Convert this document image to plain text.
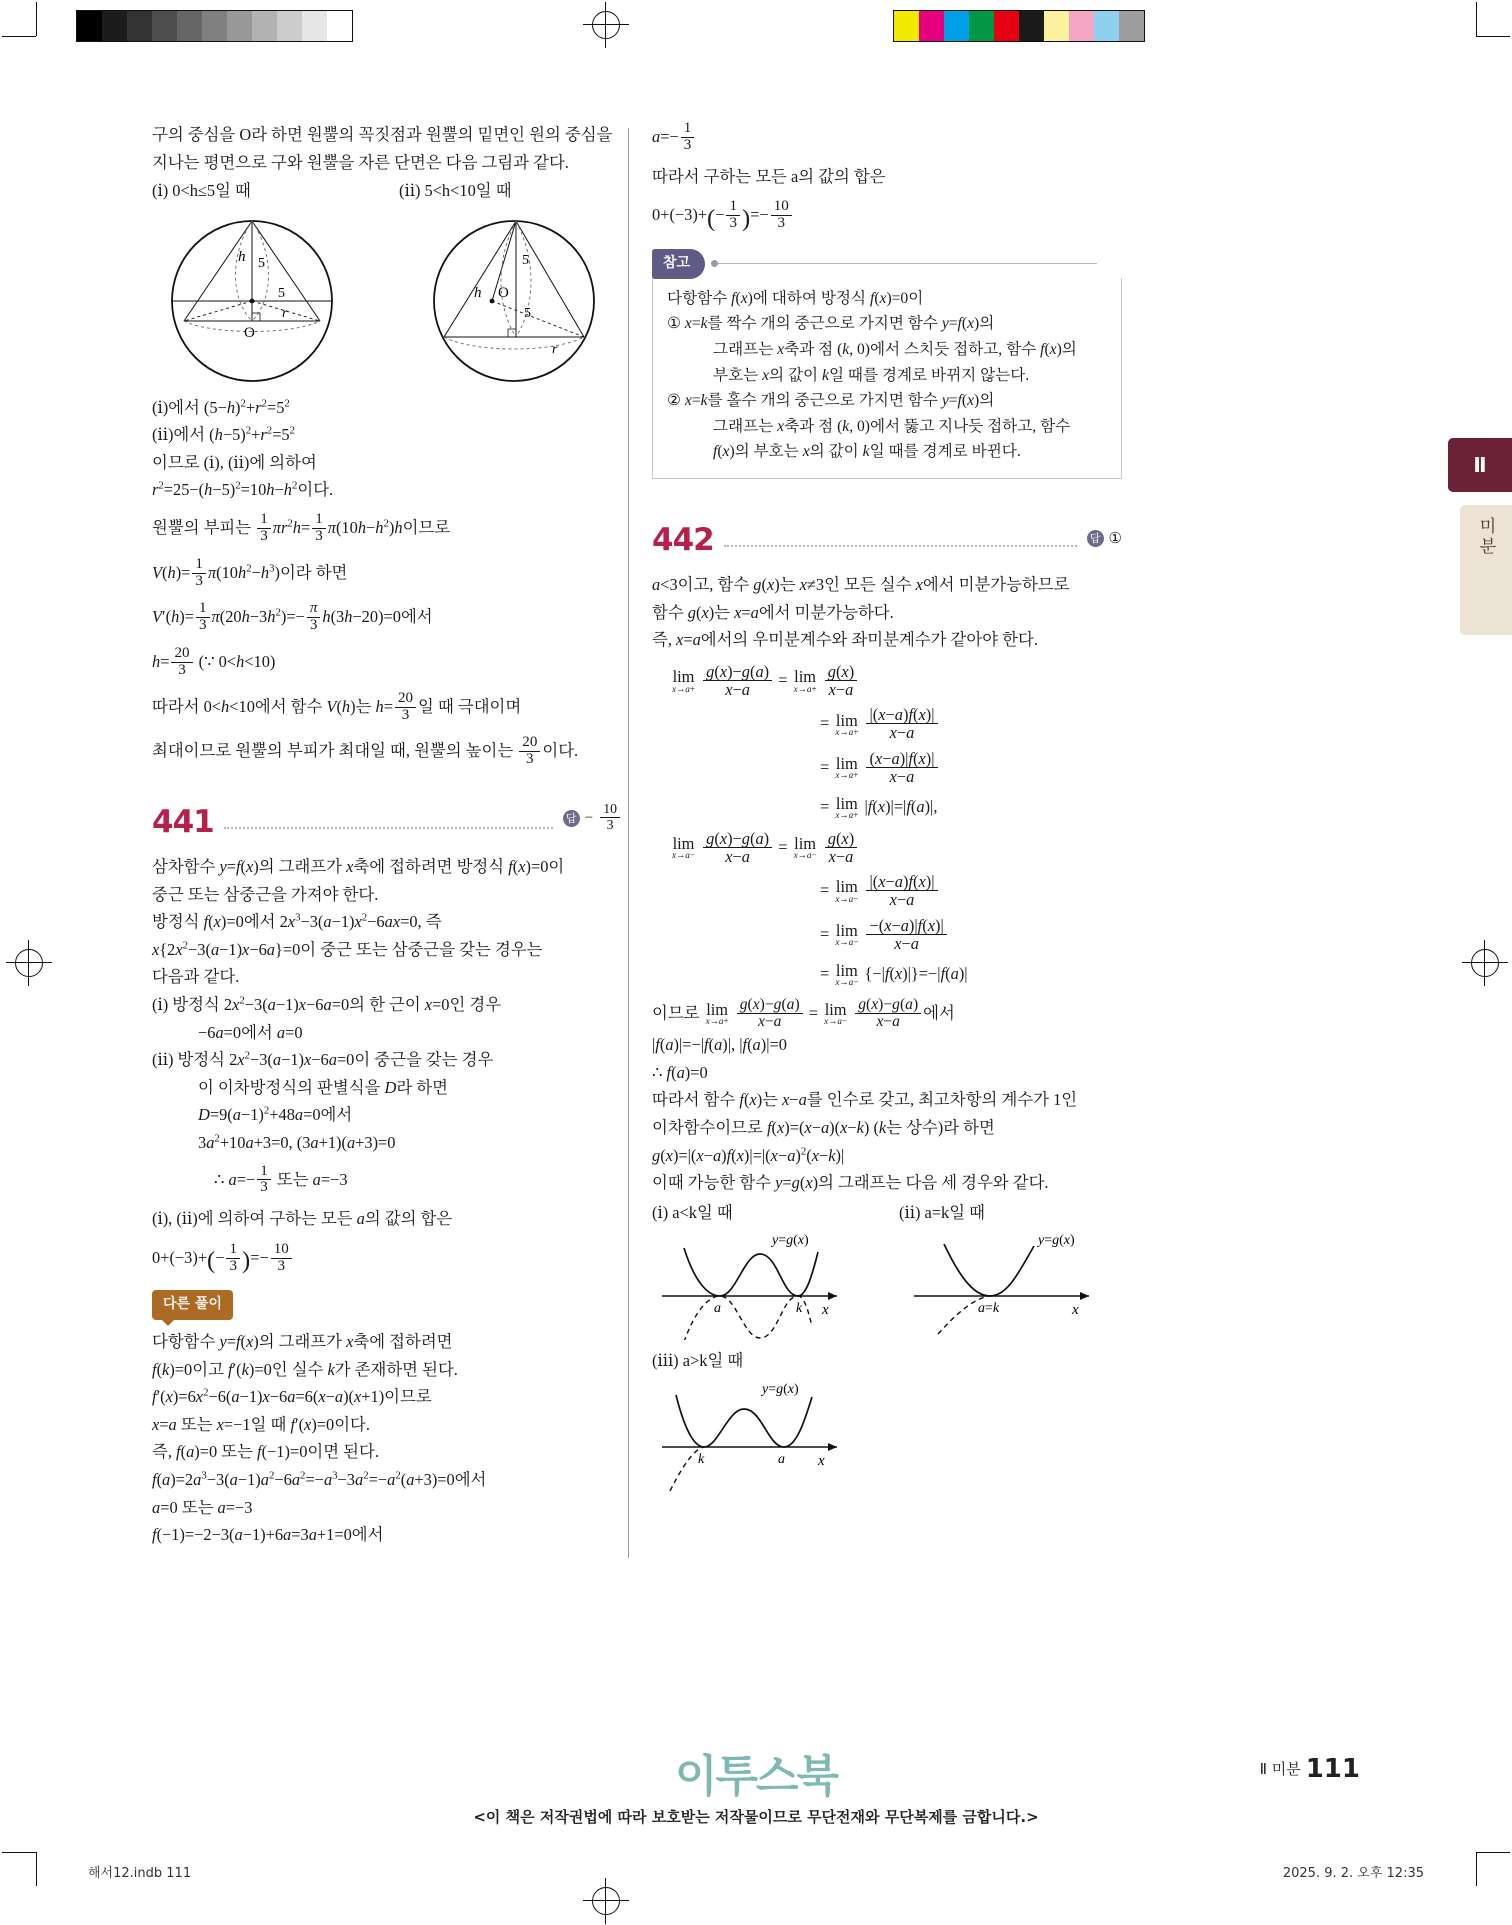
구의 중심을 O라 하면 원뿔의 꼭짓점과 원뿔의 밑면인 원의 중심을

지나는 평면으로 구와 원뿔을 자른 단면은 다음 그림과 같다.

(ⅰ) 0<h≤5일 때	(ⅱ) 5<h<10일 때
h 5
r
5
O
5
h O
5
r

(ⅰ)에서 $(5-h)^2+r^2=5^2$

(ⅱ)에서 $(h-5)^2+r^2=5^2$

이므로 (ⅰ), (ⅱ)에 의하여

$r^2=25-(h-5)^2=10h-h^2$이다.

원뿔의 부피는 $\frac{1}{3} \pi r^2h= \frac{1}{3} \pi(10h-h^2)h$이므로

$V(h)= \frac{1}{3} \pi(10h^2-h^3)$이라 하면

$V'(h)= \frac{1}{3} \pi(20h-3h^2)=- \frac{\pi}{3} h(3h-20)=0$에서

$h= \frac{20}{3}$ (∵ 0<h<10)

따라서 0<h<10에서 함수 V(h)는 $h= \frac{20}{3}$ 일 때 극대이며

최대이므로 원뿔의 부피가 최대일 때, 원뿔의 높이는 $\frac{20}{3}$ 이다.

441	답 − $\frac{10}{3}$

삼차함수 y=f(x)의 그래프가 x축에 접하려면 방정식 f(x)=0이

중근 또는 삼중근을 가져야 한다.

방정식 f(x)=0에서 $2x^3-3(a-1)x^2-6ax=0$, 즉

$x\{2x^2-3(a-1)x-6a\}=0$이 중근 또는 삼중근을 갖는 경우는

다음과 같다.

(ⅰ) 방정식 $2x^2-3(a-1)x-6a=0$의 한 근이 x=0인 경우

−6a=0에서 a=0

(ⅱ) 방정식 $2x^2-3(a-1)x-6a=0$이 중근을 갖는 경우

이 이차방정식의 판별식을 D라 하면

$D=9(a-1)^2+48a=0$에서

$3a^2+10a+3=0$, (3a+1)(a+3)=0

∴ $a=- \frac{1}{3}$ 또는 a=−3

(ⅰ), (ⅱ)에 의하여 구하는 모든 a의 값의 합은

$0+(-3)+(- \frac{1}{3}$ )=− $\frac{10}{3}$

다른 풀이

다항함수 y=f(x)의 그래프가 x축에 접하려면

f(k)=0이고 f′(k)=0인 실수 k가 존재하면 된다.

$f'(x)=6x^2-6(a-1)x-6a=6(x-a)(x+1)$이므로

x=a 또는 x=−1일 때 f′(x)=0이다.

즉, f(a)=0 또는 f(−1)=0이면 된다.

$f(a)=2a^3-3(a-1)a^2-6a^2=-a^3-3a^2=-a^2(a+3)=0$에서

a=0 또는 a=−3

f(−1)=−2−3(a−1)+6a=3a+1=0에서

$a=- \frac{1}{3}$

따라서 구하는 모든 a의 값의 합은

$0+(-3)+(- \frac{1}{3}$ )=− $\frac{10}{3}$

참고

다항함수 f(x)에 대하여 방정식 f(x)=0이

① x=k를 짝수 개의 중근으로 가지면 함수 y=f(x)의

그래프는 x축과 점 (k, 0)에서 스치듯 접하고, 함수 f(x)의

부호는 x의 값이 k일 때를 경계로 바뀌지 않는다.

② x=k를 홀수 개의 중근으로 가지면 함수 y=f(x)의

그래프는 x축과 점 (k, 0)에서 뚫고 지나듯 접하고, 함수

f(x)의 부호는 x의 값이 k일 때를 경계로 바뀐다.

442	답 ①

a<3이고, 함수 g(x)는 x≠3인 모든 실수 x에서 미분가능하므로

함수 g(x)는 x=a에서 미분가능하다.

즉, x=a에서의 우미분계수와 좌미분계수가 같아야 한다.

lim
x→a+
$\frac{g(x)-g(a)}{x-a} = \lim$
x→a+
$\frac{g(x)}{x-a}$

= lim
x→a+
$\frac{|(x-a)f(x)|}{x-a}$

= lim
x→a+
$\frac{(x-a)|f(x)|}{x-a}$

= lim
x→a+ |f(x)|=|f(a)|,

lim
x→a−
$\frac{g(x)-g(a)}{x-a} = \lim$
x→a−
$\frac{g(x)}{x-a}$

= lim
x→a−
$\frac{|(x-a)f(x)|}{x-a}$

= lim
x→a−
$\frac{-(x-a)|f(x)|}{x-a}$

= lim
x→a− {−|f(x)|}=−|f(a)|

이므로 lim
x→a+
$\frac{g(x)-g(a)}{x-a} = \lim$
x→a−
$\frac{g(x)-g(a)}{x-a}$ 에서

|f(a)|=−|f(a)|, |f(a)|=0

∴ f(a)=0

따라서 함수 f(x)는 x−a를 인수로 갖고, 최고차항의 계수가 1인

이차함수이므로 f(x)=(x−a)(x−k) (k는 상수)라 하면

$g(x)=|(x-a)f(x)|=|(x-a)^2(x-k)|$

이때 가능한 함수 y=g(x)의 그래프는 다음 세 경우와 같다.

(ⅰ) a<k일 때	(ⅱ) a=k일 때
a	k x
y=g(x)
a=k	x
y=g(x)

(ⅲ) a>k일 때

k	a x
y=g(x)
Ⅱ
미분
이투스북
<이 책은 저작권법에 따라 보호받는 저작물이므로 무단전재와 무단복제를 금합니다.>
Ⅱ 미분 111
해서12.indb 111	2025. 9. 2. 오후 12:35
